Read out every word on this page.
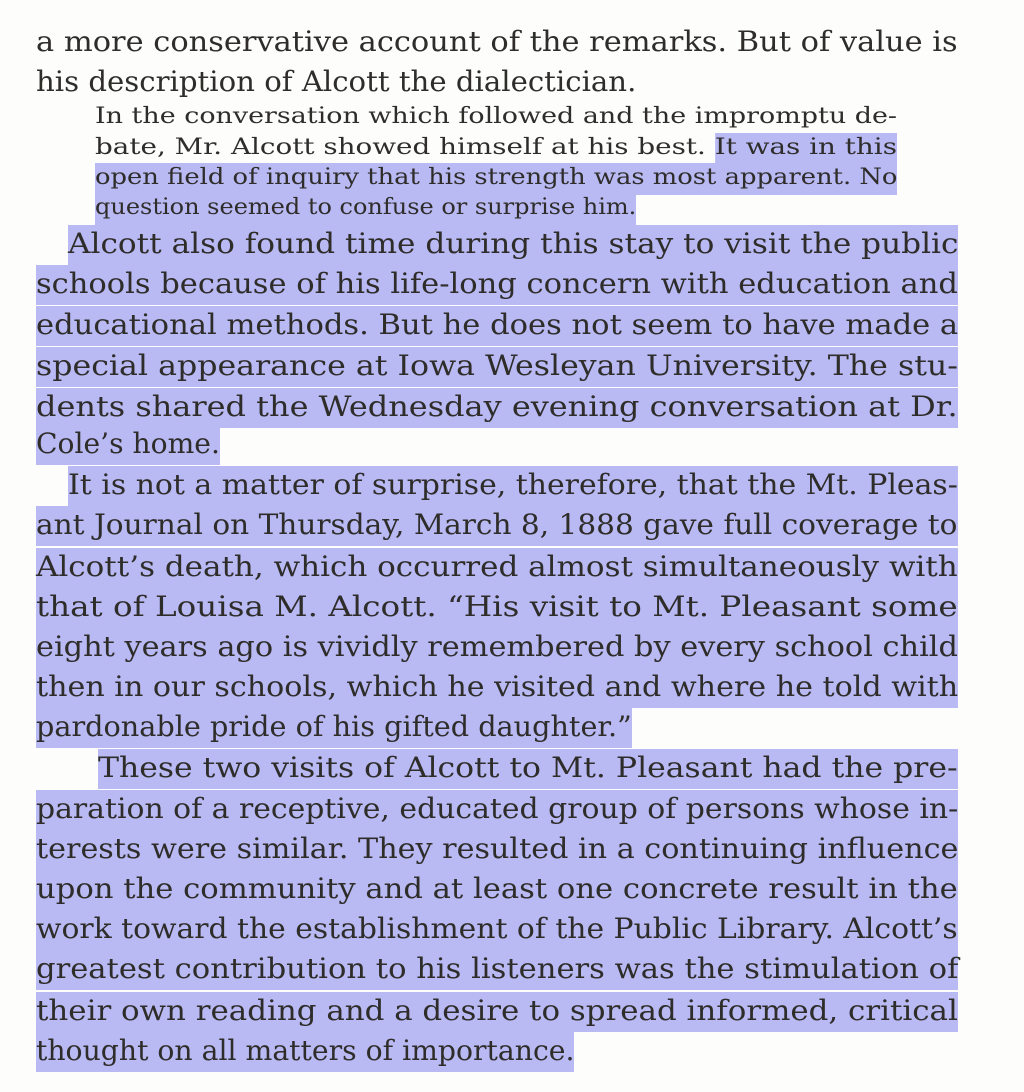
a more conservative account of the remarks. But of value is
his description of Alcott the dialectician.
In the conversation which followed and the impromptu de-
bate, Mr. Alcott showed himself at his best. It was in this
open field of inquiry that his strength was most apparent. No
question seemed to confuse or surprise him.
Alcott also found time during this stay to visit the public
schools because of his life-long concern with education and
educational methods. But he does not seem to have made a
special appearance at Iowa Wesleyan University. The stu-
dents shared the Wednesday evening conversation at Dr.
Cole’s home.
It is not a matter of surprise, therefore, that the Mt. Pleas-
ant Journal on Thursday, March 8, 1888 gave full coverage to
Alcott’s death, which occurred almost simultaneously with
that of Louisa M. Alcott. “His visit to Mt. Pleasant some
eight years ago is vividly remembered by every school child
then in our schools, which he visited and where he told with
pardonable pride of his gifted daughter.”
These two visits of Alcott to Mt. Pleasant had the pre-
paration of a receptive, educated group of persons whose in-
terests were similar. They resulted in a continuing influence
upon the community and at least one concrete result in the
work toward the establishment of the Public Library. Alcott’s
greatest contribution to his listeners was the stimulation of
their own reading and a desire to spread informed, critical
thought on all matters of importance.
